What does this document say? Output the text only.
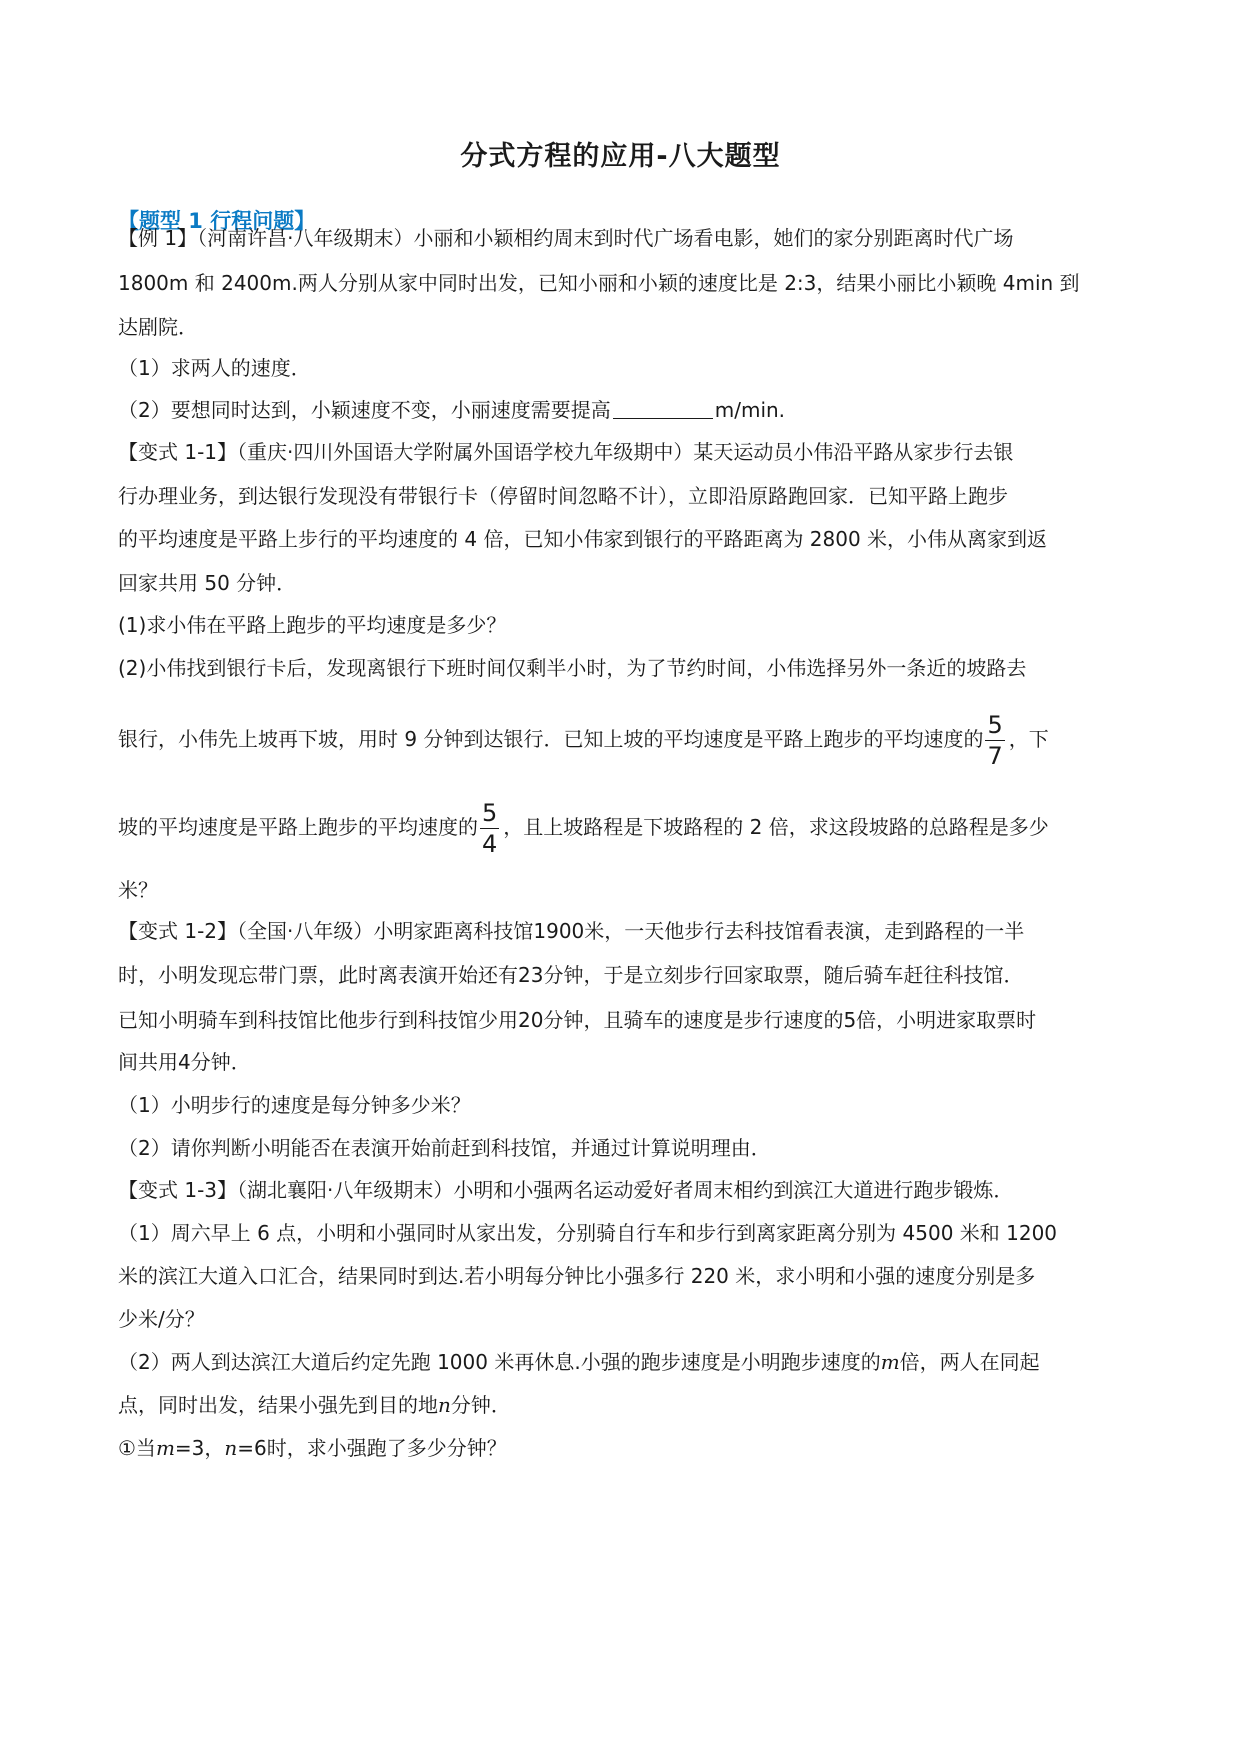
分式方程的应用-八大题型
【题型 1 行程问题】
【例 1】（河南许昌·八年级期末）小丽和小颖相约周末到时代广场看电影，她们的家分别距离时代广场
1800m 和 2400m.两人分别从家中同时出发，已知小丽和小颖的速度比是 2:3，结果小丽比小颖晚 4min 到
达剧院．
（1）求两人的速度．
（2）要想同时达到，小颖速度不变，小丽速度需要提高	m/min.
【变式 1-1】（重庆·四川外国语大学附属外国语学校九年级期中）某天运动员小伟沿平路从家步行去银
行办理业务，到达银行发现没有带银行卡（停留时间忽略不计），立即沿原路跑回家．已知平路上跑步
的平均速度是平路上步行的平均速度的 4 倍，已知小伟家到银行的平路距离为 2800 米，小伟从离家到返
回家共用 50 分钟．
(1)求小伟在平路上跑步的平均速度是多少？
(2)小伟找到银行卡后，发现离银行下班时间仅剩半小时，为了节约时间，小伟选择另外一条近的坡路去
银行，小伟先上坡再下坡，用时 9 分钟到达银行．已知上坡的平均速度是平路上跑步的平均速度的 $\frac{5}{7}$ ，下
坡的平均速度是平路上跑步的平均速度的 $\frac{5}{4}$ ，且上坡路程是下坡路程的 2 倍，求这段坡路的总路程是多少
米？
【变式 1-2】（全国·八年级）小明家距离科技馆1900米，一天他步行去科技馆看表演，走到路程的一半
时，小明发现忘带门票，此时离表演开始还有23分钟，于是立刻步行回家取票，随后骑车赶往科技馆．
已知小明骑车到科技馆比他步行到科技馆少用20分钟，且骑车的速度是步行速度的5倍，小明进家取票时
间共用4分钟．
（1）小明步行的速度是每分钟多少米？
（2）请你判断小明能否在表演开始前赶到科技馆，并通过计算说明理由．
【变式 1-3】（湖北襄阳·八年级期末）小明和小强两名运动爱好者周末相约到滨江大道进行跑步锻炼．
（1）周六早上 6 点，小明和小强同时从家出发，分别骑自行车和步行到离家距离分别为 4500 米和 1200
米的滨江大道入口汇合，结果同时到达.若小明每分钟比小强多行 220 米，求小明和小强的速度分别是多
少米/分？
（2）两人到达滨江大道后约定先跑 1000 米再休息.小强的跑步速度是小明跑步速度的m倍，两人在同起
点，同时出发，结果小强先到目的地n分钟．
①当m=3，n=6时，求小强跑了多少分钟？
